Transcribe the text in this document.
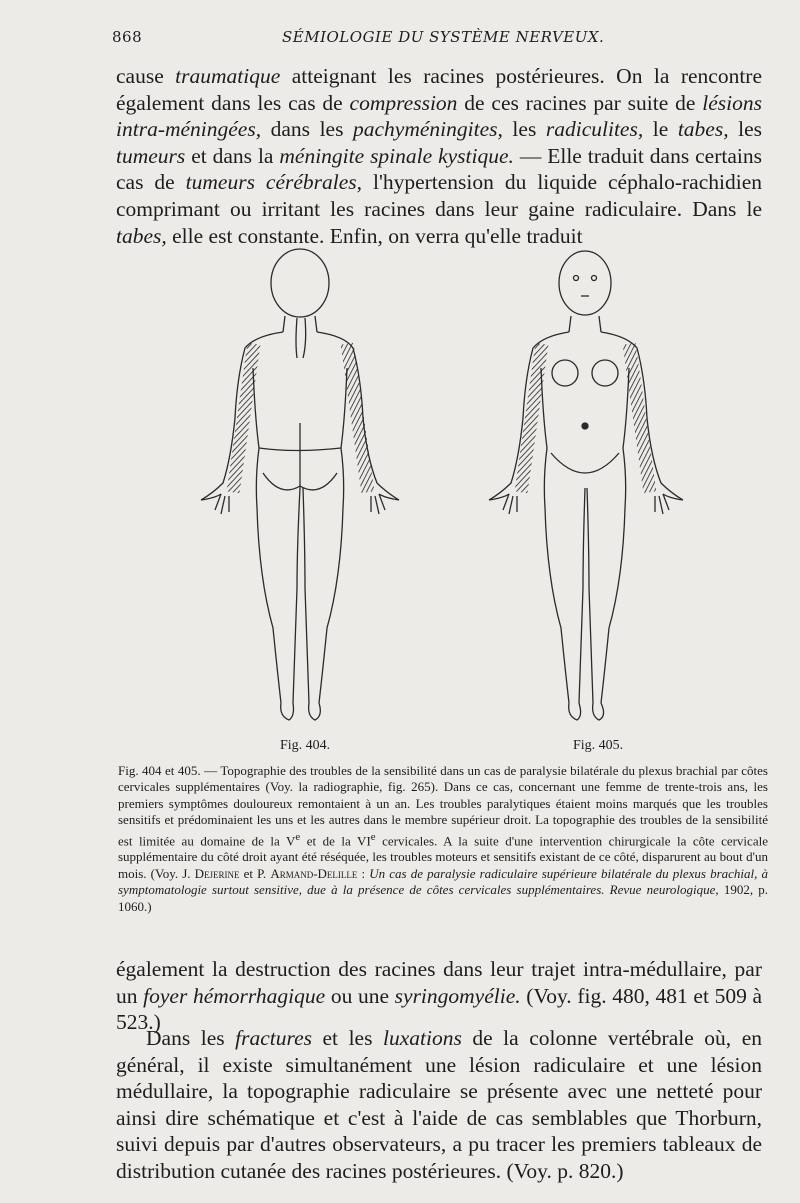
868	SÉMIOLOGIE DU SYSTÈME NERVEUX.
cause traumatique atteignant les racines postérieures. On la rencontre également dans les cas de compression de ces racines par suite de lésions intra-méningées, dans les pachyméningites, les radiculites, le tabes, les tumeurs et dans la méningite spinale kystique. — Elle traduit dans certains cas de tumeurs cérébrales, l'hypertension du liquide céphalo-rachidien comprimant ou irritant les racines dans leur gaine radiculaire. Dans le tabes, elle est constante. Enfin, on verra qu'elle traduit
Fig. 404.	Fig. 405.
Fig. 404 et 405. — Topographie des troubles de la sensibilité dans un cas de paralysie bilatérale du plexus brachial par côtes cervicales supplémentaires (Voy. la radiographie, fig. 265). Dans ce cas, concernant une femme de trente-trois ans, les premiers symptômes douloureux remontaient à un an. Les troubles paralytiques étaient moins marqués que les troubles sensitifs et prédominaient les uns et les autres dans le membre supérieur droit. La topographie des troubles de la sensibilité est limitée au domaine de la Ve et de la VIe cervicales. A la suite d'une intervention chirurgicale la côte cervicale supplémentaire du côté droit ayant été réséquée, les troubles moteurs et sensitifs existant de ce côté, disparurent au bout d'un mois. (Voy. J. Dejerine et P. Armand-Delille : Un cas de paralysie radiculaire supérieure bilatérale du plexus brachial, à symptomatologie surtout sensitive, due à la présence de côtes cervicales supplémentaires. Revue neurologique, 1902, p. 1060.)
également la destruction des racines dans leur trajet intra-médullaire, par un foyer hémorrhagique ou une syringomyélie. (Voy. fig. 480, 481 et 509 à 523.)
Dans les fractures et les luxations de la colonne vertébrale où, en général, il existe simultanément une lésion radiculaire et une lésion médullaire, la topographie radiculaire se présente avec une netteté pour ainsi dire schématique et c'est à l'aide de cas semblables que Thorburn, suivi depuis par d'autres observateurs, a pu tracer les premiers tableaux de distribution cutanée des racines postérieures. (Voy. p. 820.)
